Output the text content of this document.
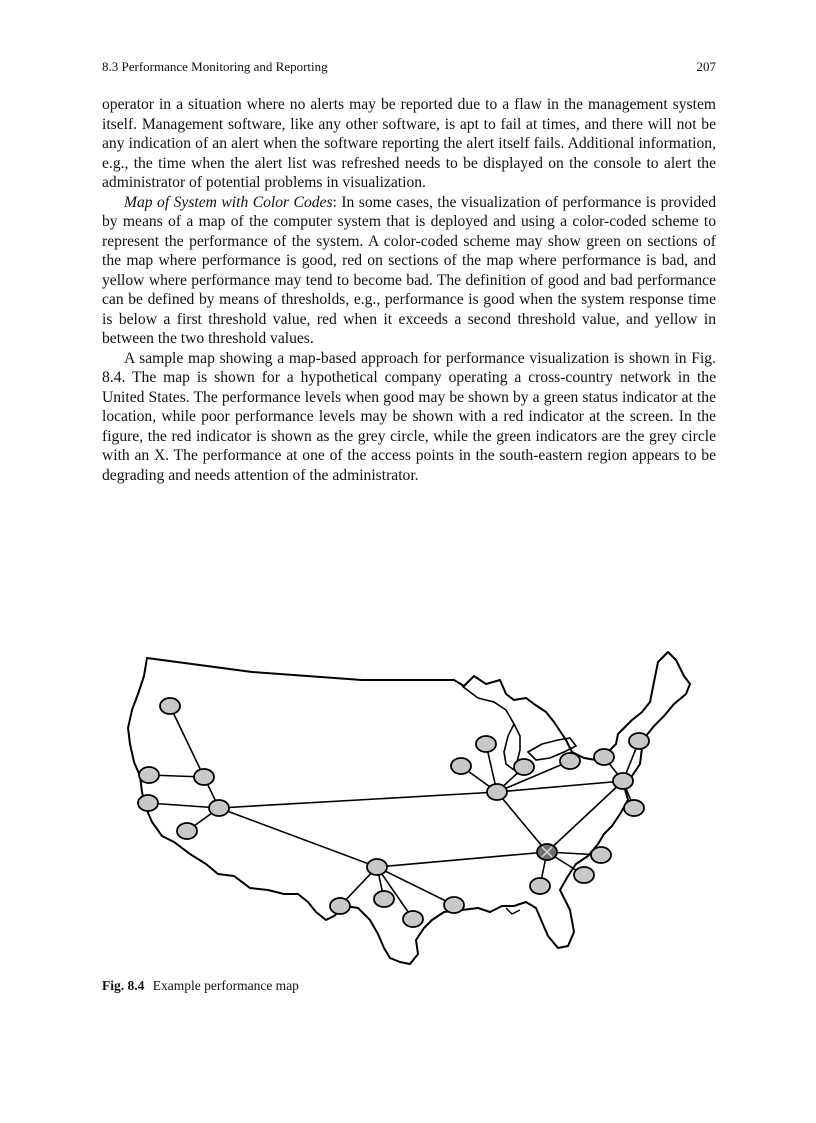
8.3 Performance Monitoring and Reporting	207

operator in a situation where no alerts may be reported due to a flaw in the management system itself. Management software, like any other software, is apt to fail at times, and there will not be any indication of an alert when the software reporting the alert itself fails. Additional information, e.g., the time when the alert list was refreshed needs to be displayed on the console to alert the administrator of potential problems in visualization.

Map of System with Color Codes: In some cases, the visualization of performance is provided by means of a map of the computer system that is deployed and using a color-coded scheme to represent the performance of the system. A color-coded scheme may show green on sections of the map where performance is good, red on sections of the map where performance is bad, and yellow where performance may tend to become bad. The definition of good and bad performance can be defined by means of thresholds, e.g., performance is good when the system response time is below a first threshold value, red when it exceeds a second threshold value, and yellow in between the two threshold values.

A sample map showing a map-based approach for performance visualization is shown in Fig. 8.4. The map is shown for a hypothetical company operating a cross-country network in the United States. The performance levels when good may be shown by a green status indicator at the location, while poor performance levels may be shown with a red indicator at the screen. In the figure, the red indicator is shown as the grey circle, while the green indicators are the grey circle with an X. The performance at one of the access points in the south-eastern region appears to be degrading and needs attention of the administrator.

Fig. 8.4 Example performance map
